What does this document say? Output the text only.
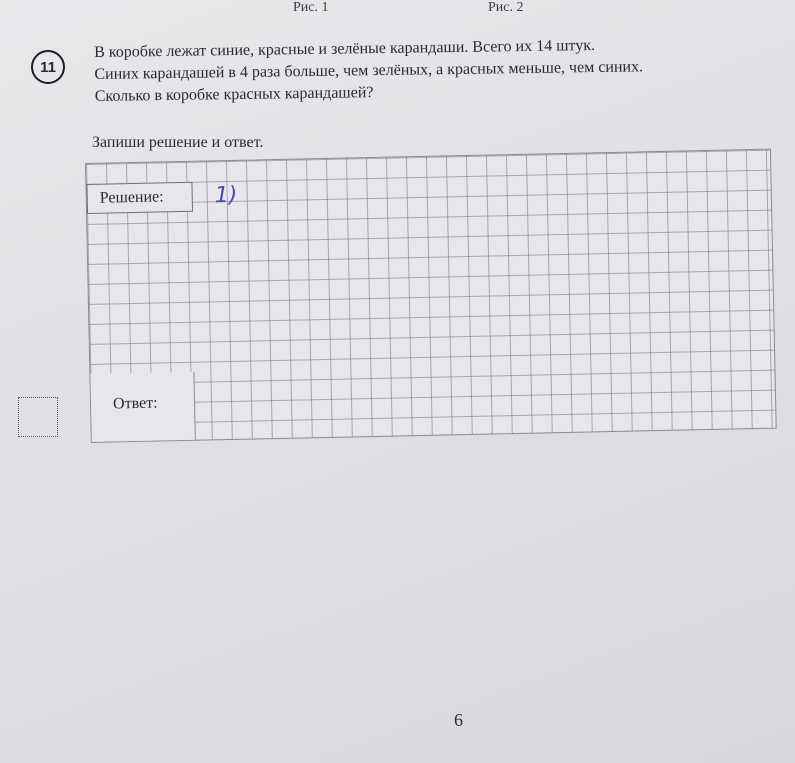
Рис. 1	Рис. 2
11

В коробке лежат синие, красные и зелёные карандаши. Всего их 14 штук.
Синих карандашей в 4 раза больше, чем зелёных, а красных меньше, чем синих.
Сколько в коробке красных карандашей?

Запиши решение и ответ.

Решение:	1)
Ответ:
6
